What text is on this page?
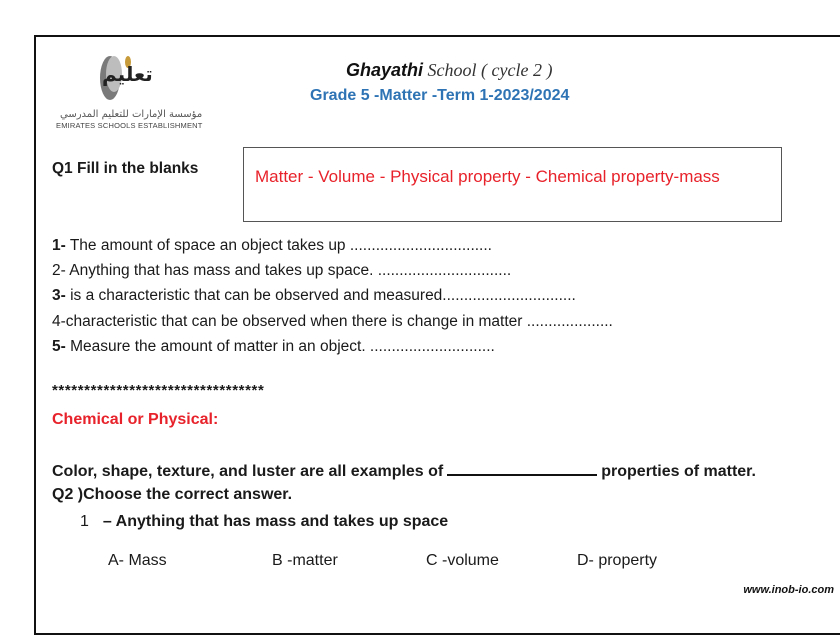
تعليم
مؤسسة الإمارات للتعليم المدرسي
EMIRATES SCHOOLS ESTABLISHMENT
Ghayathi School ( cycle 2 )
Grade 5 -Matter -Term 1-2023/2024
Q1 Fill in the blanks	Matter - Volume - Physical property - Chemical property-mass
1- The amount of space an object takes up .................................
2- Anything that has mass and takes up space. ...............................
3- is a characteristic that can be observed and measured...............................
4-characteristic that can be observed when there is change in matter ....................
5- Measure the amount of matter in an object. .............................
*********************************
Chemical or Physical:
Color, shape, texture, and luster are all examples of	properties of matter.
Q2 )Choose the correct answer.
1 – Anything that has mass and takes up space
A- Mass	B -matter	C -volume	D- property
www.inob-io.com
